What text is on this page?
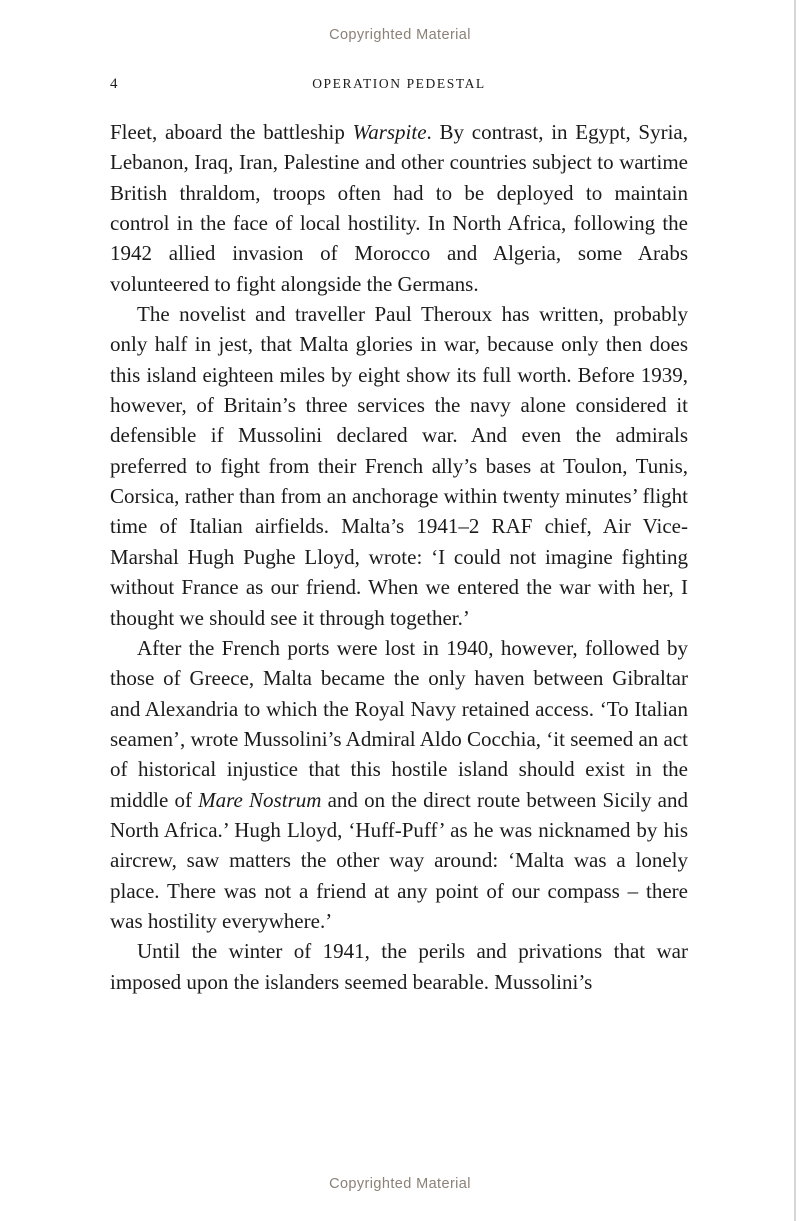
Copyrighted Material
4	OPERATION PEDESTAL

Fleet, aboard the battleship Warspite. By contrast, in Egypt, Syria, Lebanon, Iraq, Iran, Palestine and other countries subject to wartime British thraldom, troops often had to be deployed to maintain control in the face of local hostility. In North Africa, following the 1942 allied invasion of Morocco and Algeria, some Arabs volunteered to fight alongside the Germans.

The novelist and traveller Paul Theroux has written, probably only half in jest, that Malta glories in war, because only then does this island eighteen miles by eight show its full worth. Before 1939, however, of Britain’s three services the navy alone considered it defensible if Mussolini declared war. And even the admirals preferred to fight from their French ally’s bases at Toulon, Tunis, Corsica, rather than from an anchorage within twenty minutes’ flight time of Italian airfields. Malta’s 1941–2 RAF chief, Air Vice-Marshal Hugh Pughe Lloyd, wrote: ‘I could not imagine fighting without France as our friend. When we entered the war with her, I thought we should see it through together.’

After the French ports were lost in 1940, however, followed by those of Greece, Malta became the only haven between Gibraltar and Alexandria to which the Royal Navy retained access. ‘To Italian seamen’, wrote Mussolini’s Admiral Aldo Cocchia, ‘it seemed an act of historical injustice that this hostile island should exist in the middle of Mare Nostrum and on the direct route between Sicily and North Africa.’ Hugh Lloyd, ‘Huff-Puff’ as he was nicknamed by his aircrew, saw matters the other way around: ‘Malta was a lonely place. There was not a friend at any point of our compass – there was hostility everywhere.’

Until the winter of 1941, the perils and privations that war imposed upon the islanders seemed bearable. Mussolini’s

Copyrighted Material
